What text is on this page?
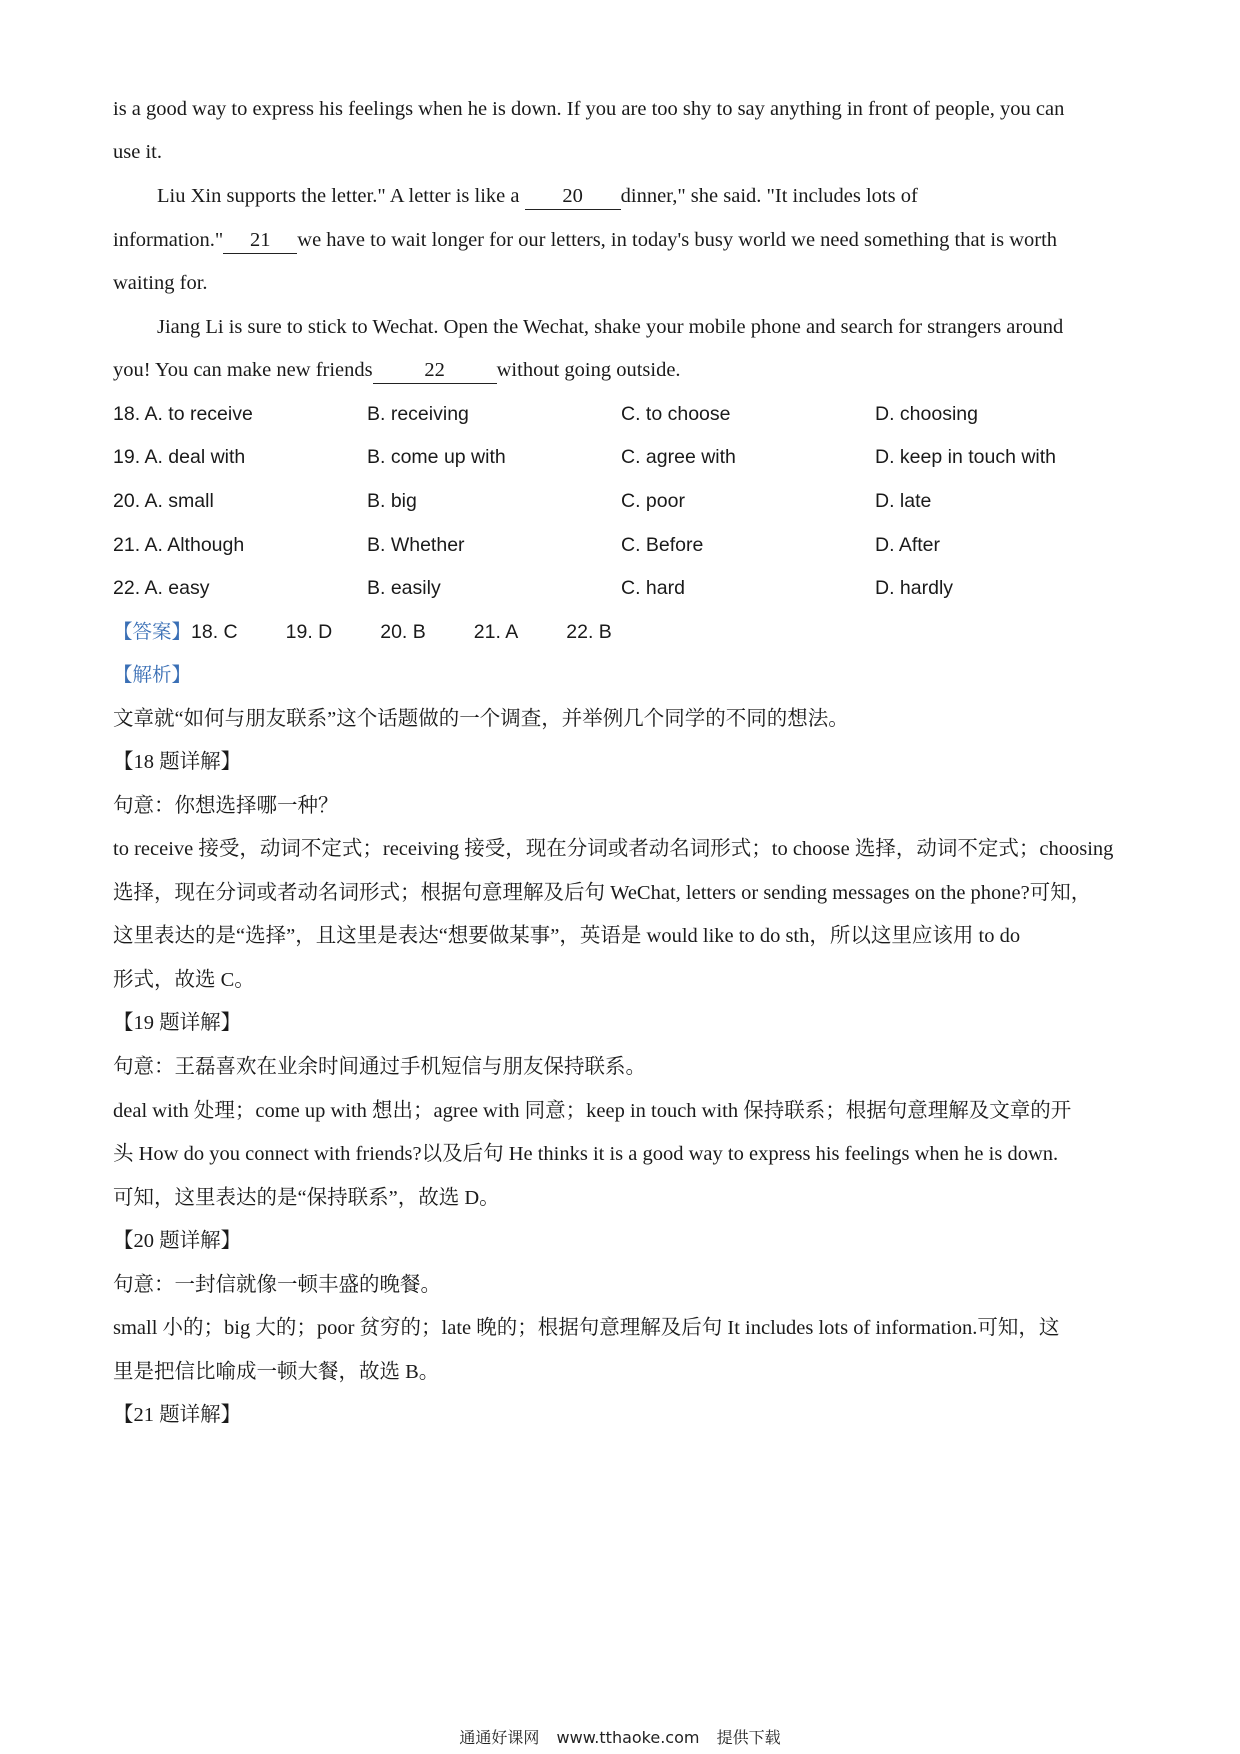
is a good way to express his feelings when he is down. If you are too shy to say anything in front of people, you can
use it.
Liu Xin supports the letter." A letter is like a 20 dinner," she said. "It includes lots of
information." 21 we have to wait longer for our letters, in today's busy world we need something that is worth
waiting for.
Jiang Li is sure to stick to Wechat. Open the Wechat, shake your mobile phone and search for strangers around
you! You can make new friends	22	without going outside.
18. A. to receive	B. receiving	C. to choose	D. choosing
19. A. deal with	B. come up with	C. agree with	D. keep in touch with
20. A. small	B. big	C. poor	D. late
21. A. Although	B. Whether	C. Before	D. After
22. A. easy	B. easily	C. hard	D. hardly
【答案】18. C 19. D 20. B 21. A 22. B
【解析】
文章就“如何与朋友联系”这个话题做的一个调查，并举例几个同学的不同的想法。
【18 题详解】
句意：你想选择哪一种？
to receive 接受，动词不定式；receiving 接受，现在分词或者动名词形式；to choose 选择，动词不定式；choosing
选择，现在分词或者动名词形式；根据句意理解及后句 WeChat, letters or sending messages on the phone?可知，
这里表达的是“选择”，且这里是表达“想要做某事”，英语是 would like to do sth，所以这里应该用 to do
形式，故选 C。
【19 题详解】
句意：王磊喜欢在业余时间通过手机短信与朋友保持联系。
deal with 处理；come up with 想出；agree with 同意；keep in touch with 保持联系；根据句意理解及文章的开
头 How do you connect with friends?以及后句 He thinks it is a good way to express his feelings when he is down.
可知，这里表达的是“保持联系”，故选 D。
【20 题详解】
句意：一封信就像一顿丰盛的晚餐。
small 小的；big 大的；poor 贫穷的；late 晚的；根据句意理解及后句 It includes lots of information.可知，这
里是把信比喻成一顿大餐，故选 B。
【21 题详解】
通通好课网 www.tthaoke.com 提供下载
